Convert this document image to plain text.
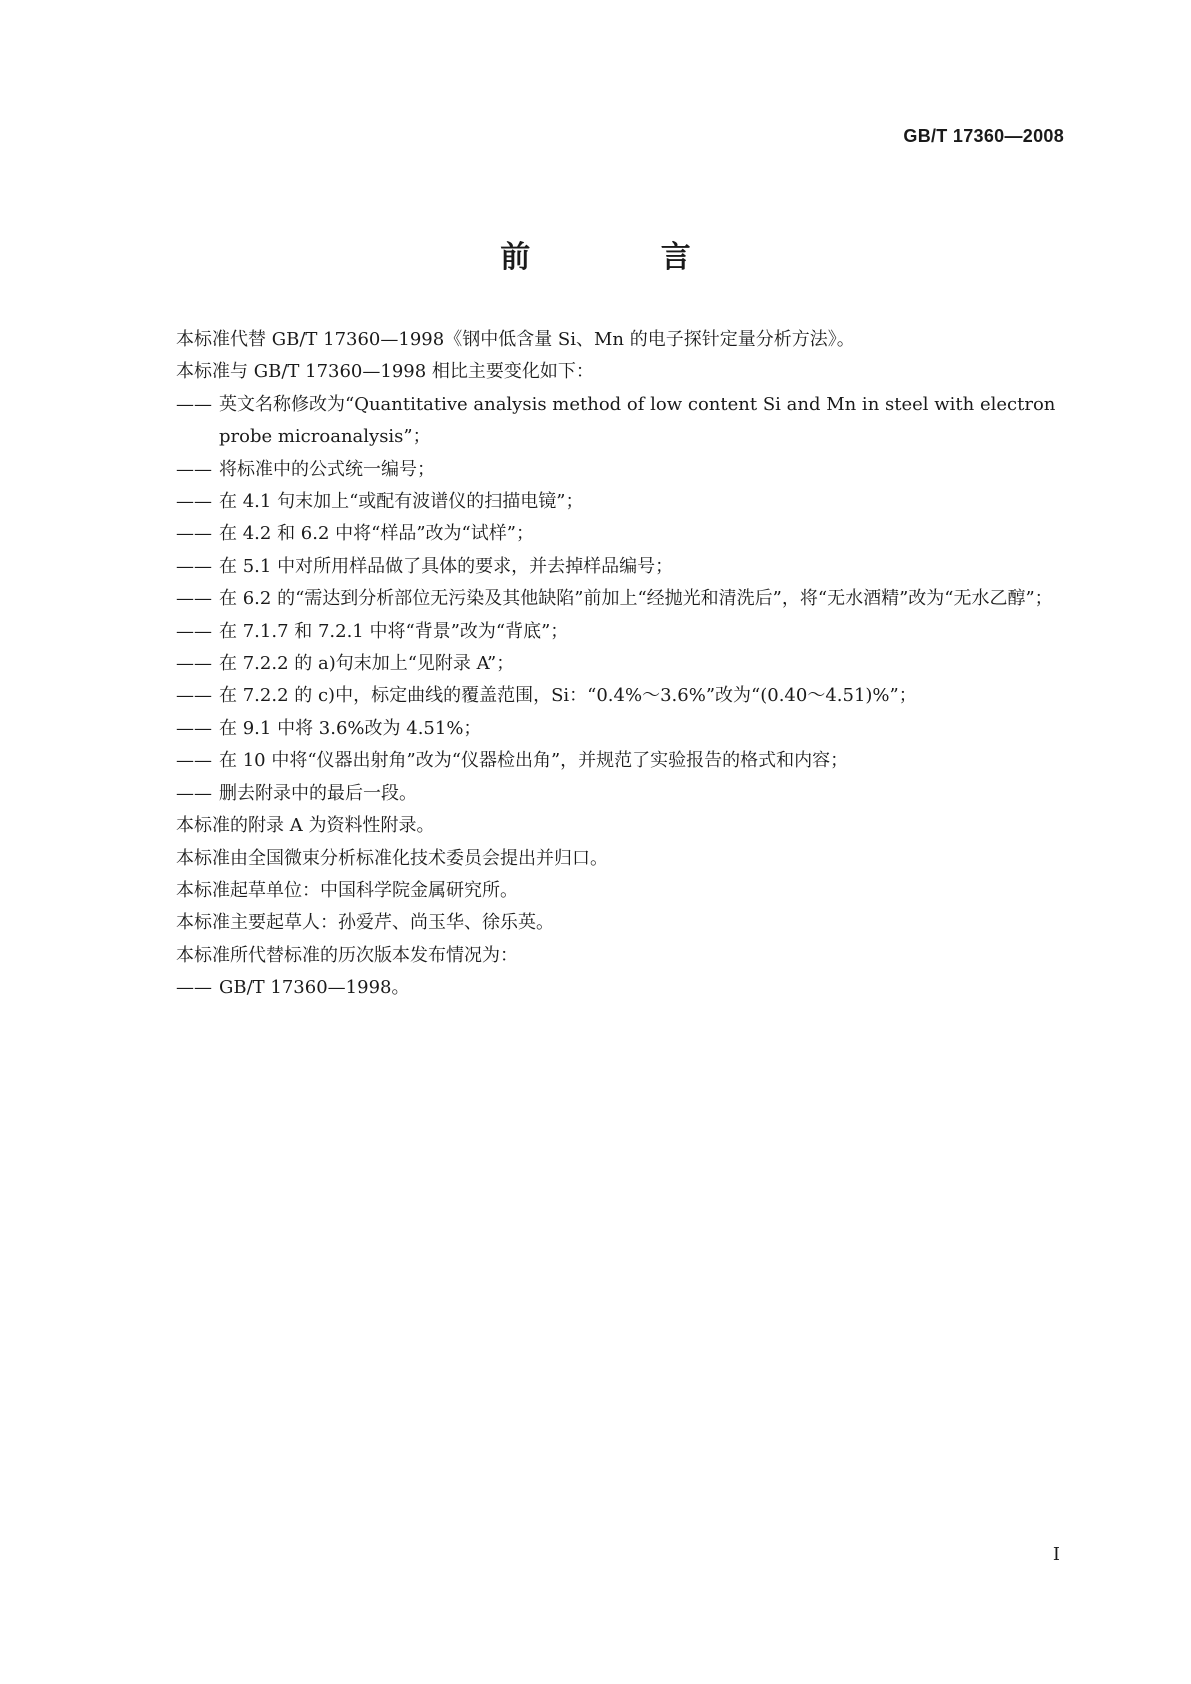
GB/T 17360—2008
前 言

本标准代替 GB/T 17360—1998《钢中低含量 Si、Mn 的电子探针定量分析方法》。

本标准与 GB/T 17360—1998 相比主要变化如下：

—— 英文名称修改为“Quantitative analysis method of low content Si and Mn in steel with electron probe microanalysis”；
—— 将标准中的公式统一编号；
—— 在 4.1 句末加上“或配有波谱仪的扫描电镜”；
—— 在 4.2 和 6.2 中将“样品”改为“试样”；
—— 在 5.1 中对所用样品做了具体的要求，并去掉样品编号；
—— 在 6.2 的“需达到分析部位无污染及其他缺陷”前加上“经抛光和清洗后”，将“无水酒精”改为“无水乙醇”；
—— 在 7.1.7 和 7.2.1 中将“背景”改为“背底”；
—— 在 7.2.2 的 a)句末加上“见附录 A”；
—— 在 7.2.2 的 c)中，标定曲线的覆盖范围，Si：“0.4%～3.6%”改为“(0.40～4.51)%”；
—— 在 9.1 中将 3.6%改为 4.51%；
—— 在 10 中将“仪器出射角”改为“仪器检出角”，并规范了实验报告的格式和内容；
—— 删去附录中的最后一段。

本标准的附录 A 为资料性附录。

本标准由全国微束分析标准化技术委员会提出并归口。

本标准起草单位：中国科学院金属研究所。

本标准主要起草人：孙爱芹、尚玉华、徐乐英。

本标准所代替标准的历次版本发布情况为：

—— GB/T 17360—1998。
I
